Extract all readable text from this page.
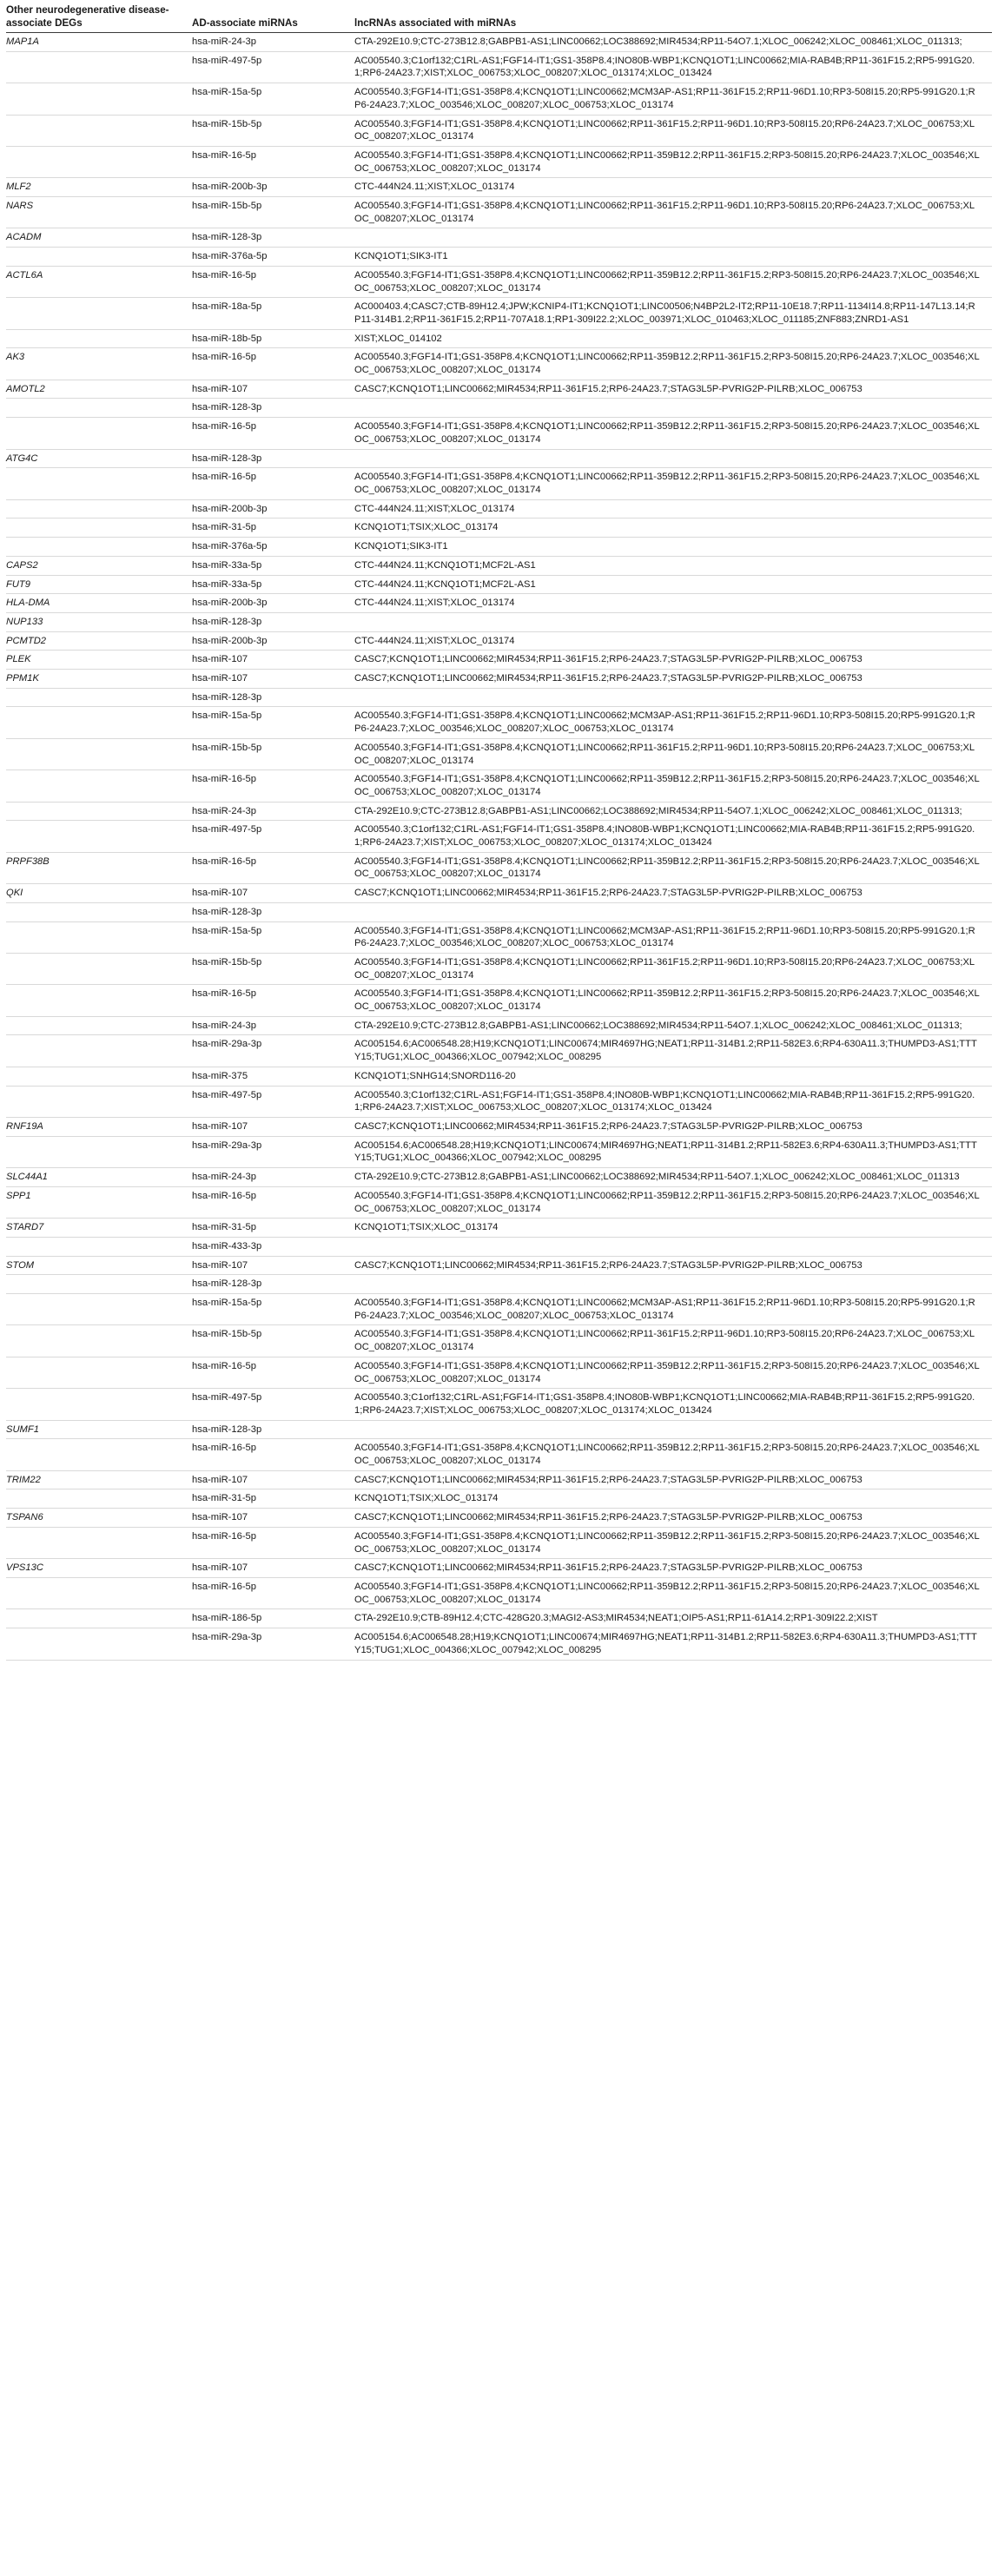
Other neurodegenerative disease-associate DEGs	AD-associate miRNAs	lncRNAs associated with miRNAs
MAP1A	hsa-miR-24-3p	CTA-292E10.9;CTC-273B12.8;GABPB1-AS1;LINC00662;LOC388692;MIR4534;RP11-54O7.1;XLOC_006242;XLOC_008461;XLOC_011313;
	hsa-miR-497-5p	AC005540.3;C1orf132;C1RL-AS1;FGF14-IT1;GS1-358P8.4;INO80B-WBP1;KCNQ1OT1;LINC00662;MIA-RAB4B;RP11-361F15.2;RP5-991G20.1;RP6-24A23.7;XIST;XLOC_006753;XLOC_008207;XLOC_013174;XLOC_013424
	hsa-miR-15a-5p	AC005540.3;FGF14-IT1;GS1-358P8.4;KCNQ1OT1;LINC00662;MCM3AP-AS1;RP11-361F15.2;RP11-96D1.10;RP3-508I15.20;RP5-991G20.1;RP6-24A23.7;XLOC_003546;XLOC_008207;XLOC_006753;XLOC_013174
	hsa-miR-15b-5p	AC005540.3;FGF14-IT1;GS1-358P8.4;KCNQ1OT1;LINC00662;RP11-361F15.2;RP11-96D1.10;RP3-508I15.20;RP6-24A23.7;XLOC_006753;XLOC_008207;XLOC_013174
	hsa-miR-16-5p	AC005540.3;FGF14-IT1;GS1-358P8.4;KCNQ1OT1;LINC00662;RP11-359B12.2;RP11-361F15.2;RP3-508I15.20;RP6-24A23.7;XLOC_003546;XLOC_006753;XLOC_008207;XLOC_013174
MLF2	hsa-miR-200b-3p	CTC-444N24.11;XIST;XLOC_013174
NARS	hsa-miR-15b-5p	AC005540.3;FGF14-IT1;GS1-358P8.4;KCNQ1OT1;LINC00662;RP11-361F15.2;RP11-96D1.10;RP3-508I15.20;RP6-24A23.7;XLOC_006753;XLOC_008207;XLOC_013174
ACADM	hsa-miR-128-3p	
	hsa-miR-376a-5p	KCNQ1OT1;SIK3-IT1
ACTL6A	hsa-miR-16-5p	AC005540.3;FGF14-IT1;GS1-358P8.4;KCNQ1OT1;LINC00662;RP11-359B12.2;RP11-361F15.2;RP3-508I15.20;RP6-24A23.7;XLOC_003546;XLOC_006753;XLOC_008207;XLOC_013174
	hsa-miR-18a-5p	AC000403.4;CASC7;CTB-89H12.4;JPW;KCNIP4-IT1;KCNQ1OT1;LINC00506;N4BP2L2-IT2;RP11-10E18.7;RP11-1134I14.8;RP11-147L13.14;RP11-314B1.2;RP11-361F15.2;RP11-707A18.1;RP1-309I22.2;XLOC_003971;XLOC_010463;XLOC_011185;ZNF883;ZNRD1-AS1
	hsa-miR-18b-5p	XIST;XLOC_014102
AK3	hsa-miR-16-5p	AC005540.3;FGF14-IT1;GS1-358P8.4;KCNQ1OT1;LINC00662;RP11-359B12.2;RP11-361F15.2;RP3-508I15.20;RP6-24A23.7;XLOC_003546;XLOC_006753;XLOC_008207;XLOC_013174
AMOTL2	hsa-miR-107	CASC7;KCNQ1OT1;LINC00662;MIR4534;RP11-361F15.2;RP6-24A23.7;STAG3L5P-PVRIG2P-PILRB;XLOC_006753
	hsa-miR-128-3p	
	hsa-miR-16-5p	AC005540.3;FGF14-IT1;GS1-358P8.4;KCNQ1OT1;LINC00662;RP11-359B12.2;RP11-361F15.2;RP3-508I15.20;RP6-24A23.7;XLOC_003546;XLOC_006753;XLOC_008207;XLOC_013174
ATG4C	hsa-miR-128-3p	
	hsa-miR-16-5p	AC005540.3;FGF14-IT1;GS1-358P8.4;KCNQ1OT1;LINC00662;RP11-359B12.2;RP11-361F15.2;RP3-508I15.20;RP6-24A23.7;XLOC_003546;XLOC_006753;XLOC_008207;XLOC_013174
	hsa-miR-200b-3p	CTC-444N24.11;XIST;XLOC_013174
	hsa-miR-31-5p	KCNQ1OT1;TSIX;XLOC_013174
	hsa-miR-376a-5p	KCNQ1OT1;SIK3-IT1
CAPS2	hsa-miR-33a-5p	CTC-444N24.11;KCNQ1OT1;MCF2L-AS1
FUT9	hsa-miR-33a-5p	CTC-444N24.11;KCNQ1OT1;MCF2L-AS1
HLA-DMA	hsa-miR-200b-3p	CTC-444N24.11;XIST;XLOC_013174
NUP133	hsa-miR-128-3p	
PCMTD2	hsa-miR-200b-3p	CTC-444N24.11;XIST;XLOC_013174
PLEK	hsa-miR-107	CASC7;KCNQ1OT1;LINC00662;MIR4534;RP11-361F15.2;RP6-24A23.7;STAG3L5P-PVRIG2P-PILRB;XLOC_006753
PPM1K	hsa-miR-107	CASC7;KCNQ1OT1;LINC00662;MIR4534;RP11-361F15.2;RP6-24A23.7;STAG3L5P-PVRIG2P-PILRB;XLOC_006753
	hsa-miR-128-3p	
	hsa-miR-15a-5p	AC005540.3;FGF14-IT1;GS1-358P8.4;KCNQ1OT1;LINC00662;MCM3AP-AS1;RP11-361F15.2;RP11-96D1.10;RP3-508I15.20;RP5-991G20.1;RP6-24A23.7;XLOC_003546;XLOC_008207;XLOC_006753;XLOC_013174
	hsa-miR-15b-5p	AC005540.3;FGF14-IT1;GS1-358P8.4;KCNQ1OT1;LINC00662;RP11-361F15.2;RP11-96D1.10;RP3-508I15.20;RP6-24A23.7;XLOC_006753;XLOC_008207;XLOC_013174
	hsa-miR-16-5p	AC005540.3;FGF14-IT1;GS1-358P8.4;KCNQ1OT1;LINC00662;RP11-359B12.2;RP11-361F15.2;RP3-508I15.20;RP6-24A23.7;XLOC_003546;XLOC_006753;XLOC_008207;XLOC_013174
	hsa-miR-24-3p	CTA-292E10.9;CTC-273B12.8;GABPB1-AS1;LINC00662;LOC388692;MIR4534;RP11-54O7.1;XLOC_006242;XLOC_008461;XLOC_011313;
	hsa-miR-497-5p	AC005540.3;C1orf132;C1RL-AS1;FGF14-IT1;GS1-358P8.4;INO80B-WBP1;KCNQ1OT1;LINC00662;MIA-RAB4B;RP11-361F15.2;RP5-991G20.1;RP6-24A23.7;XIST;XLOC_006753;XLOC_008207;XLOC_013174;XLOC_013424
PRPF38B	hsa-miR-16-5p	AC005540.3;FGF14-IT1;GS1-358P8.4;KCNQ1OT1;LINC00662;RP11-359B12.2;RP11-361F15.2;RP3-508I15.20;RP6-24A23.7;XLOC_003546;XLOC_006753;XLOC_008207;XLOC_013174
QKI	hsa-miR-107	CASC7;KCNQ1OT1;LINC00662;MIR4534;RP11-361F15.2;RP6-24A23.7;STAG3L5P-PVRIG2P-PILRB;XLOC_006753
	hsa-miR-128-3p	
	hsa-miR-15a-5p	AC005540.3;FGF14-IT1;GS1-358P8.4;KCNQ1OT1;LINC00662;MCM3AP-AS1;RP11-361F15.2;RP11-96D1.10;RP3-508I15.20;RP5-991G20.1;RP6-24A23.7;XLOC_003546;XLOC_008207;XLOC_006753;XLOC_013174
	hsa-miR-15b-5p	AC005540.3;FGF14-IT1;GS1-358P8.4;KCNQ1OT1;LINC00662;RP11-361F15.2;RP11-96D1.10;RP3-508I15.20;RP6-24A23.7;XLOC_006753;XLOC_008207;XLOC_013174
	hsa-miR-16-5p	AC005540.3;FGF14-IT1;GS1-358P8.4;KCNQ1OT1;LINC00662;RP11-359B12.2;RP11-361F15.2;RP3-508I15.20;RP6-24A23.7;XLOC_003546;XLOC_006753;XLOC_008207;XLOC_013174
	hsa-miR-24-3p	CTA-292E10.9;CTC-273B12.8;GABPB1-AS1;LINC00662;LOC388692;MIR4534;RP11-54O7.1;XLOC_006242;XLOC_008461;XLOC_011313;
	hsa-miR-29a-3p	AC005154.6;AC006548.28;H19;KCNQ1OT1;LINC00674;MIR4697HG;NEAT1;RP11-314B1.2;RP11-582E3.6;RP4-630A11.3;THUMPD3-AS1;TTTY15;TUG1;XLOC_004366;XLOC_007942;XLOC_008295
	hsa-miR-375	KCNQ1OT1;SNHG14;SNORD116-20
	hsa-miR-497-5p	AC005540.3;C1orf132;C1RL-AS1;FGF14-IT1;GS1-358P8.4;INO80B-WBP1;KCNQ1OT1;LINC00662;MIA-RAB4B;RP11-361F15.2;RP5-991G20.1;RP6-24A23.7;XIST;XLOC_006753;XLOC_008207;XLOC_013174;XLOC_013424
RNF19A	hsa-miR-107	CASC7;KCNQ1OT1;LINC00662;MIR4534;RP11-361F15.2;RP6-24A23.7;STAG3L5P-PVRIG2P-PILRB;XLOC_006753
	hsa-miR-29a-3p	AC005154.6;AC006548.28;H19;KCNQ1OT1;LINC00674;MIR4697HG;NEAT1;RP11-314B1.2;RP11-582E3.6;RP4-630A11.3;THUMPD3-AS1;TTTY15;TUG1;XLOC_004366;XLOC_007942;XLOC_008295
SLC44A1	hsa-miR-24-3p	CTA-292E10.9;CTC-273B12.8;GABPB1-AS1;LINC00662;LOC388692;MIR4534;RP11-54O7.1;XLOC_006242;XLOC_008461;XLOC_011313
SPP1	hsa-miR-16-5p	AC005540.3;FGF14-IT1;GS1-358P8.4;KCNQ1OT1;LINC00662;RP11-359B12.2;RP11-361F15.2;RP3-508I15.20;RP6-24A23.7;XLOC_003546;XLOC_006753;XLOC_008207;XLOC_013174
STARD7	hsa-miR-31-5p	KCNQ1OT1;TSIX;XLOC_013174
	hsa-miR-433-3p	
STOM	hsa-miR-107	CASC7;KCNQ1OT1;LINC00662;MIR4534;RP11-361F15.2;RP6-24A23.7;STAG3L5P-PVRIG2P-PILRB;XLOC_006753
	hsa-miR-128-3p	
	hsa-miR-15a-5p	AC005540.3;FGF14-IT1;GS1-358P8.4;KCNQ1OT1;LINC00662;MCM3AP-AS1;RP11-361F15.2;RP11-96D1.10;RP3-508I15.20;RP5-991G20.1;RP6-24A23.7;XLOC_003546;XLOC_008207;XLOC_006753;XLOC_013174
	hsa-miR-15b-5p	AC005540.3;FGF14-IT1;GS1-358P8.4;KCNQ1OT1;LINC00662;RP11-361F15.2;RP11-96D1.10;RP3-508I15.20;RP6-24A23.7;XLOC_006753;XLOC_008207;XLOC_013174
	hsa-miR-16-5p	AC005540.3;FGF14-IT1;GS1-358P8.4;KCNQ1OT1;LINC00662;RP11-359B12.2;RP11-361F15.2;RP3-508I15.20;RP6-24A23.7;XLOC_003546;XLOC_006753;XLOC_008207;XLOC_013174
	hsa-miR-497-5p	AC005540.3;C1orf132;C1RL-AS1;FGF14-IT1;GS1-358P8.4;INO80B-WBP1;KCNQ1OT1;LINC00662;MIA-RAB4B;RP11-361F15.2;RP5-991G20.1;RP6-24A23.7;XIST;XLOC_006753;XLOC_008207;XLOC_013174;XLOC_013424
SUMF1	hsa-miR-128-3p	
	hsa-miR-16-5p	AC005540.3;FGF14-IT1;GS1-358P8.4;KCNQ1OT1;LINC00662;RP11-359B12.2;RP11-361F15.2;RP3-508I15.20;RP6-24A23.7;XLOC_003546;XLOC_006753;XLOC_008207;XLOC_013174
TRIM22	hsa-miR-107	CASC7;KCNQ1OT1;LINC00662;MIR4534;RP11-361F15.2;RP6-24A23.7;STAG3L5P-PVRIG2P-PILRB;XLOC_006753
	hsa-miR-31-5p	KCNQ1OT1;TSIX;XLOC_013174
TSPAN6	hsa-miR-107	CASC7;KCNQ1OT1;LINC00662;MIR4534;RP11-361F15.2;RP6-24A23.7;STAG3L5P-PVRIG2P-PILRB;XLOC_006753
	hsa-miR-16-5p	AC005540.3;FGF14-IT1;GS1-358P8.4;KCNQ1OT1;LINC00662;RP11-359B12.2;RP11-361F15.2;RP3-508I15.20;RP6-24A23.7;XLOC_003546;XLOC_006753;XLOC_008207;XLOC_013174
VPS13C	hsa-miR-107	CASC7;KCNQ1OT1;LINC00662;MIR4534;RP11-361F15.2;RP6-24A23.7;STAG3L5P-PVRIG2P-PILRB;XLOC_006753
	hsa-miR-16-5p	AC005540.3;FGF14-IT1;GS1-358P8.4;KCNQ1OT1;LINC00662;RP11-359B12.2;RP11-361F15.2;RP3-508I15.20;RP6-24A23.7;XLOC_003546;XLOC_006753;XLOC_008207;XLOC_013174
	hsa-miR-186-5p	CTA-292E10.9;CTB-89H12.4;CTC-428G20.3;MAGI2-AS3;MIR4534;NEAT1;OIP5-AS1;RP11-61A14.2;RP1-309I22.2;XIST
	hsa-miR-29a-3p	AC005154.6;AC006548.28;H19;KCNQ1OT1;LINC00674;MIR4697HG;NEAT1;RP11-314B1.2;RP11-582E3.6;RP4-630A11.3;THUMPD3-AS1;TTTY15;TUG1;XLOC_004366;XLOC_007942;XLOC_008295
